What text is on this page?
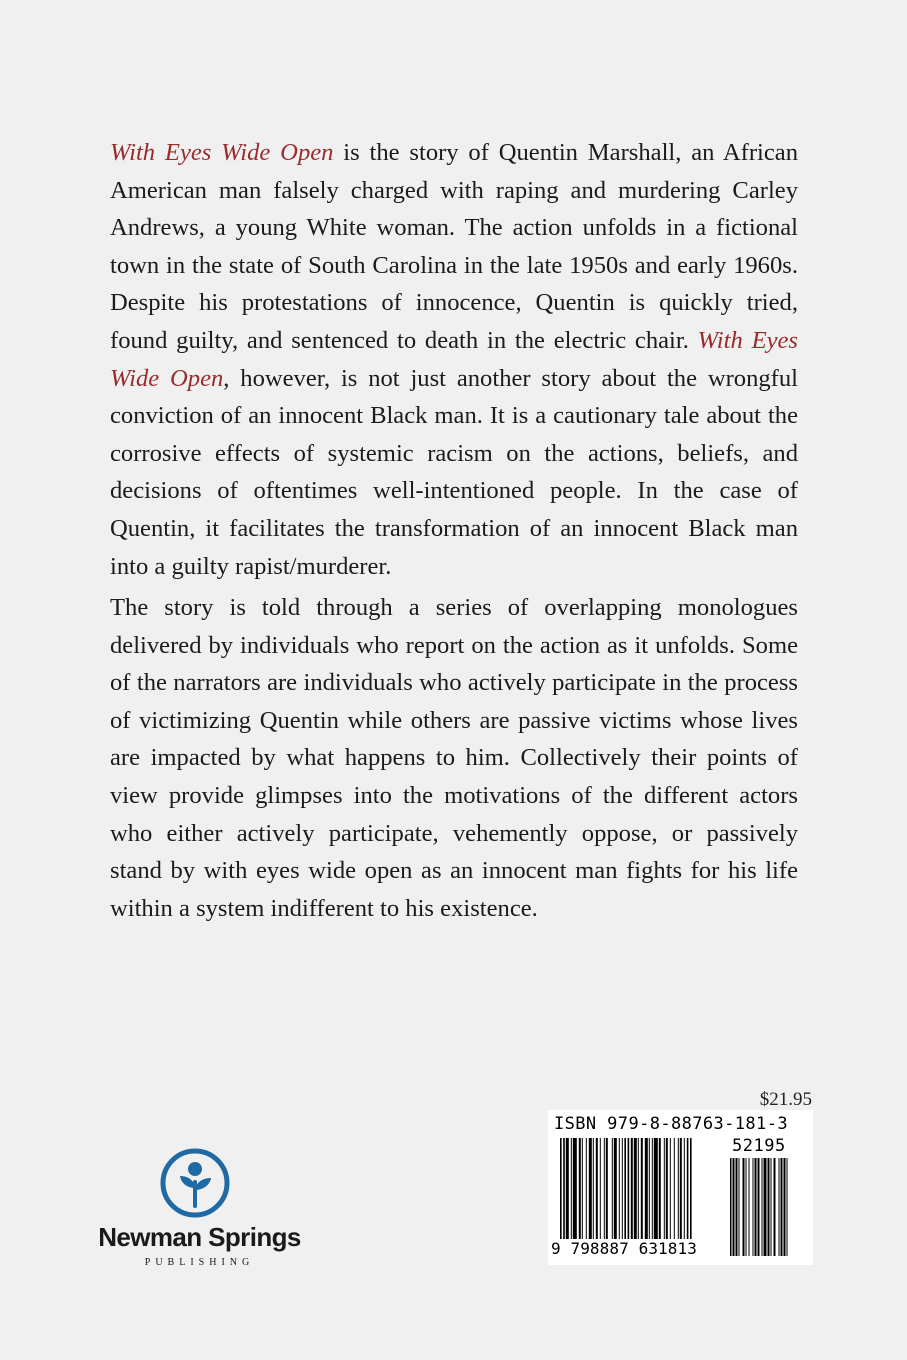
With Eyes Wide Open is the story of Quentin Marshall, an African American man falsely charged with raping and murdering Carley Andrews, a young White woman. The action unfolds in a fictional town in the state of South Carolina in the late 1950s and early 1960s. Despite his protestations of innocence, Quentin is quickly tried, found guilty, and sentenced to death in the electric chair. With Eyes Wide Open, however, is not just another story about the wrongful conviction of an innocent Black man. It is a cautionary tale about the corrosive effects of systemic racism on the actions, beliefs, and decisions of oftentimes well-intentioned people. In the case of Quentin, it facilitates the transformation of an innocent Black man into a guilty rapist/murderer.

The story is told through a series of overlapping monologues delivered by individuals who report on the action as it unfolds. Some of the narrators are individuals who actively participate in the process of victimizing Quentin while others are passive victims whose lives are impacted by what happens to him. Collectively their points of view provide glimpses into the motivations of the different actors who either actively participate, vehemently oppose, or passively stand by with eyes wide open as an innocent man fights for his life within a system indifferent to his existence.

$21.95
ISBN 979-8-88763-181-3
52195
9 798887 631813
Newman Springs
PUBLISHING
